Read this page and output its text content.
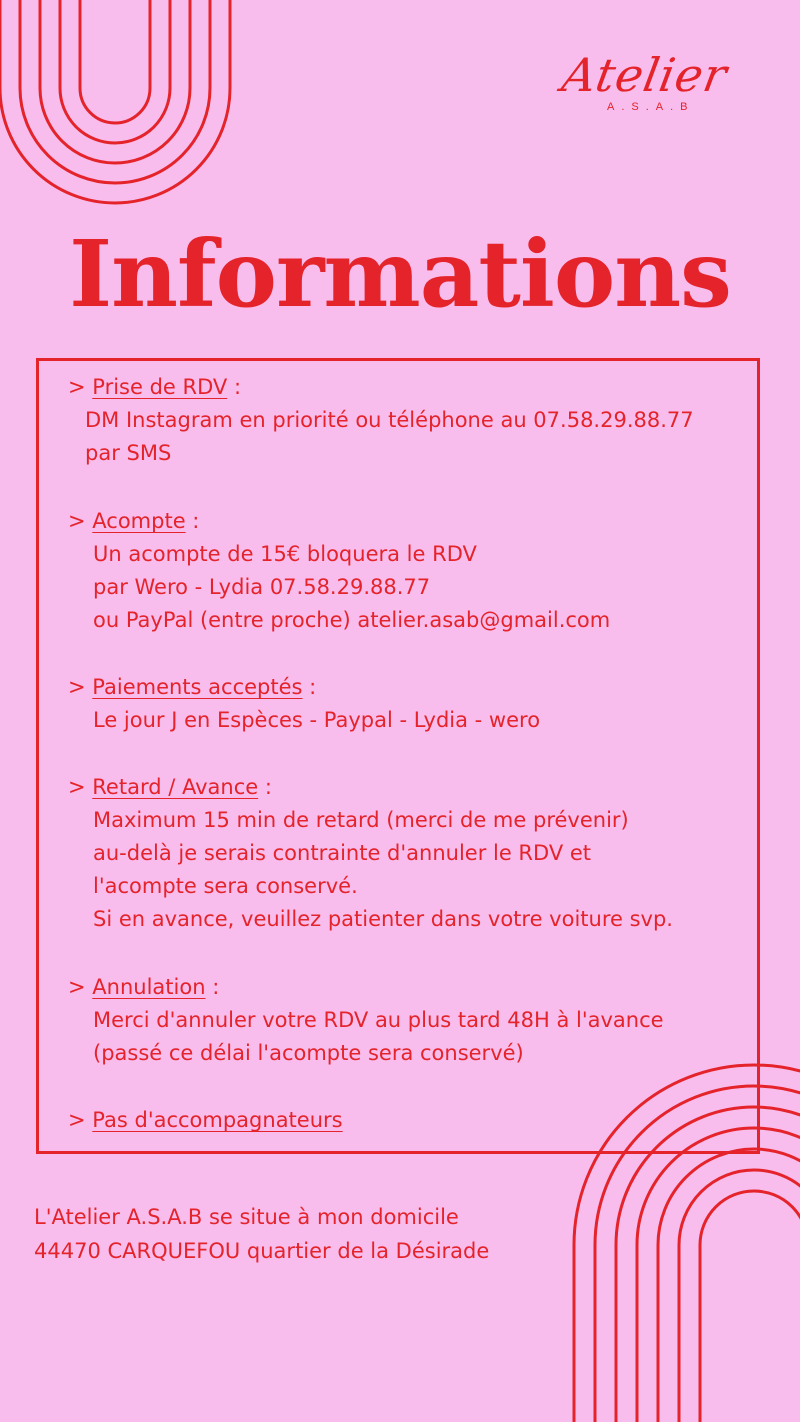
Atelier
A.S.A.B
Informations
> Prise de RDV :
DM Instagram en priorité ou téléphone au 07.58.29.88.77
par SMS
> Acompte :
Un acompte de 15€ bloquera le RDV
par Wero - Lydia 07.58.29.88.77
ou PayPal (entre proche) atelier.asab@gmail.com
> Paiements acceptés :
Le jour J en Espèces - Paypal - Lydia - wero
> Retard / Avance :
Maximum 15 min de retard (merci de me prévenir)
au-delà je serais contrainte d'annuler le RDV et
l'acompte sera conservé.
Si en avance, veuillez patienter dans votre voiture svp.
> Annulation :
Merci d'annuler votre RDV au plus tard 48H à l'avance
(passé ce délai l'acompte sera conservé)
> Pas d'accompagnateurs
L'Atelier A.S.A.B se situe à mon domicile
44470 CARQUEFOU quartier de la Désirade
